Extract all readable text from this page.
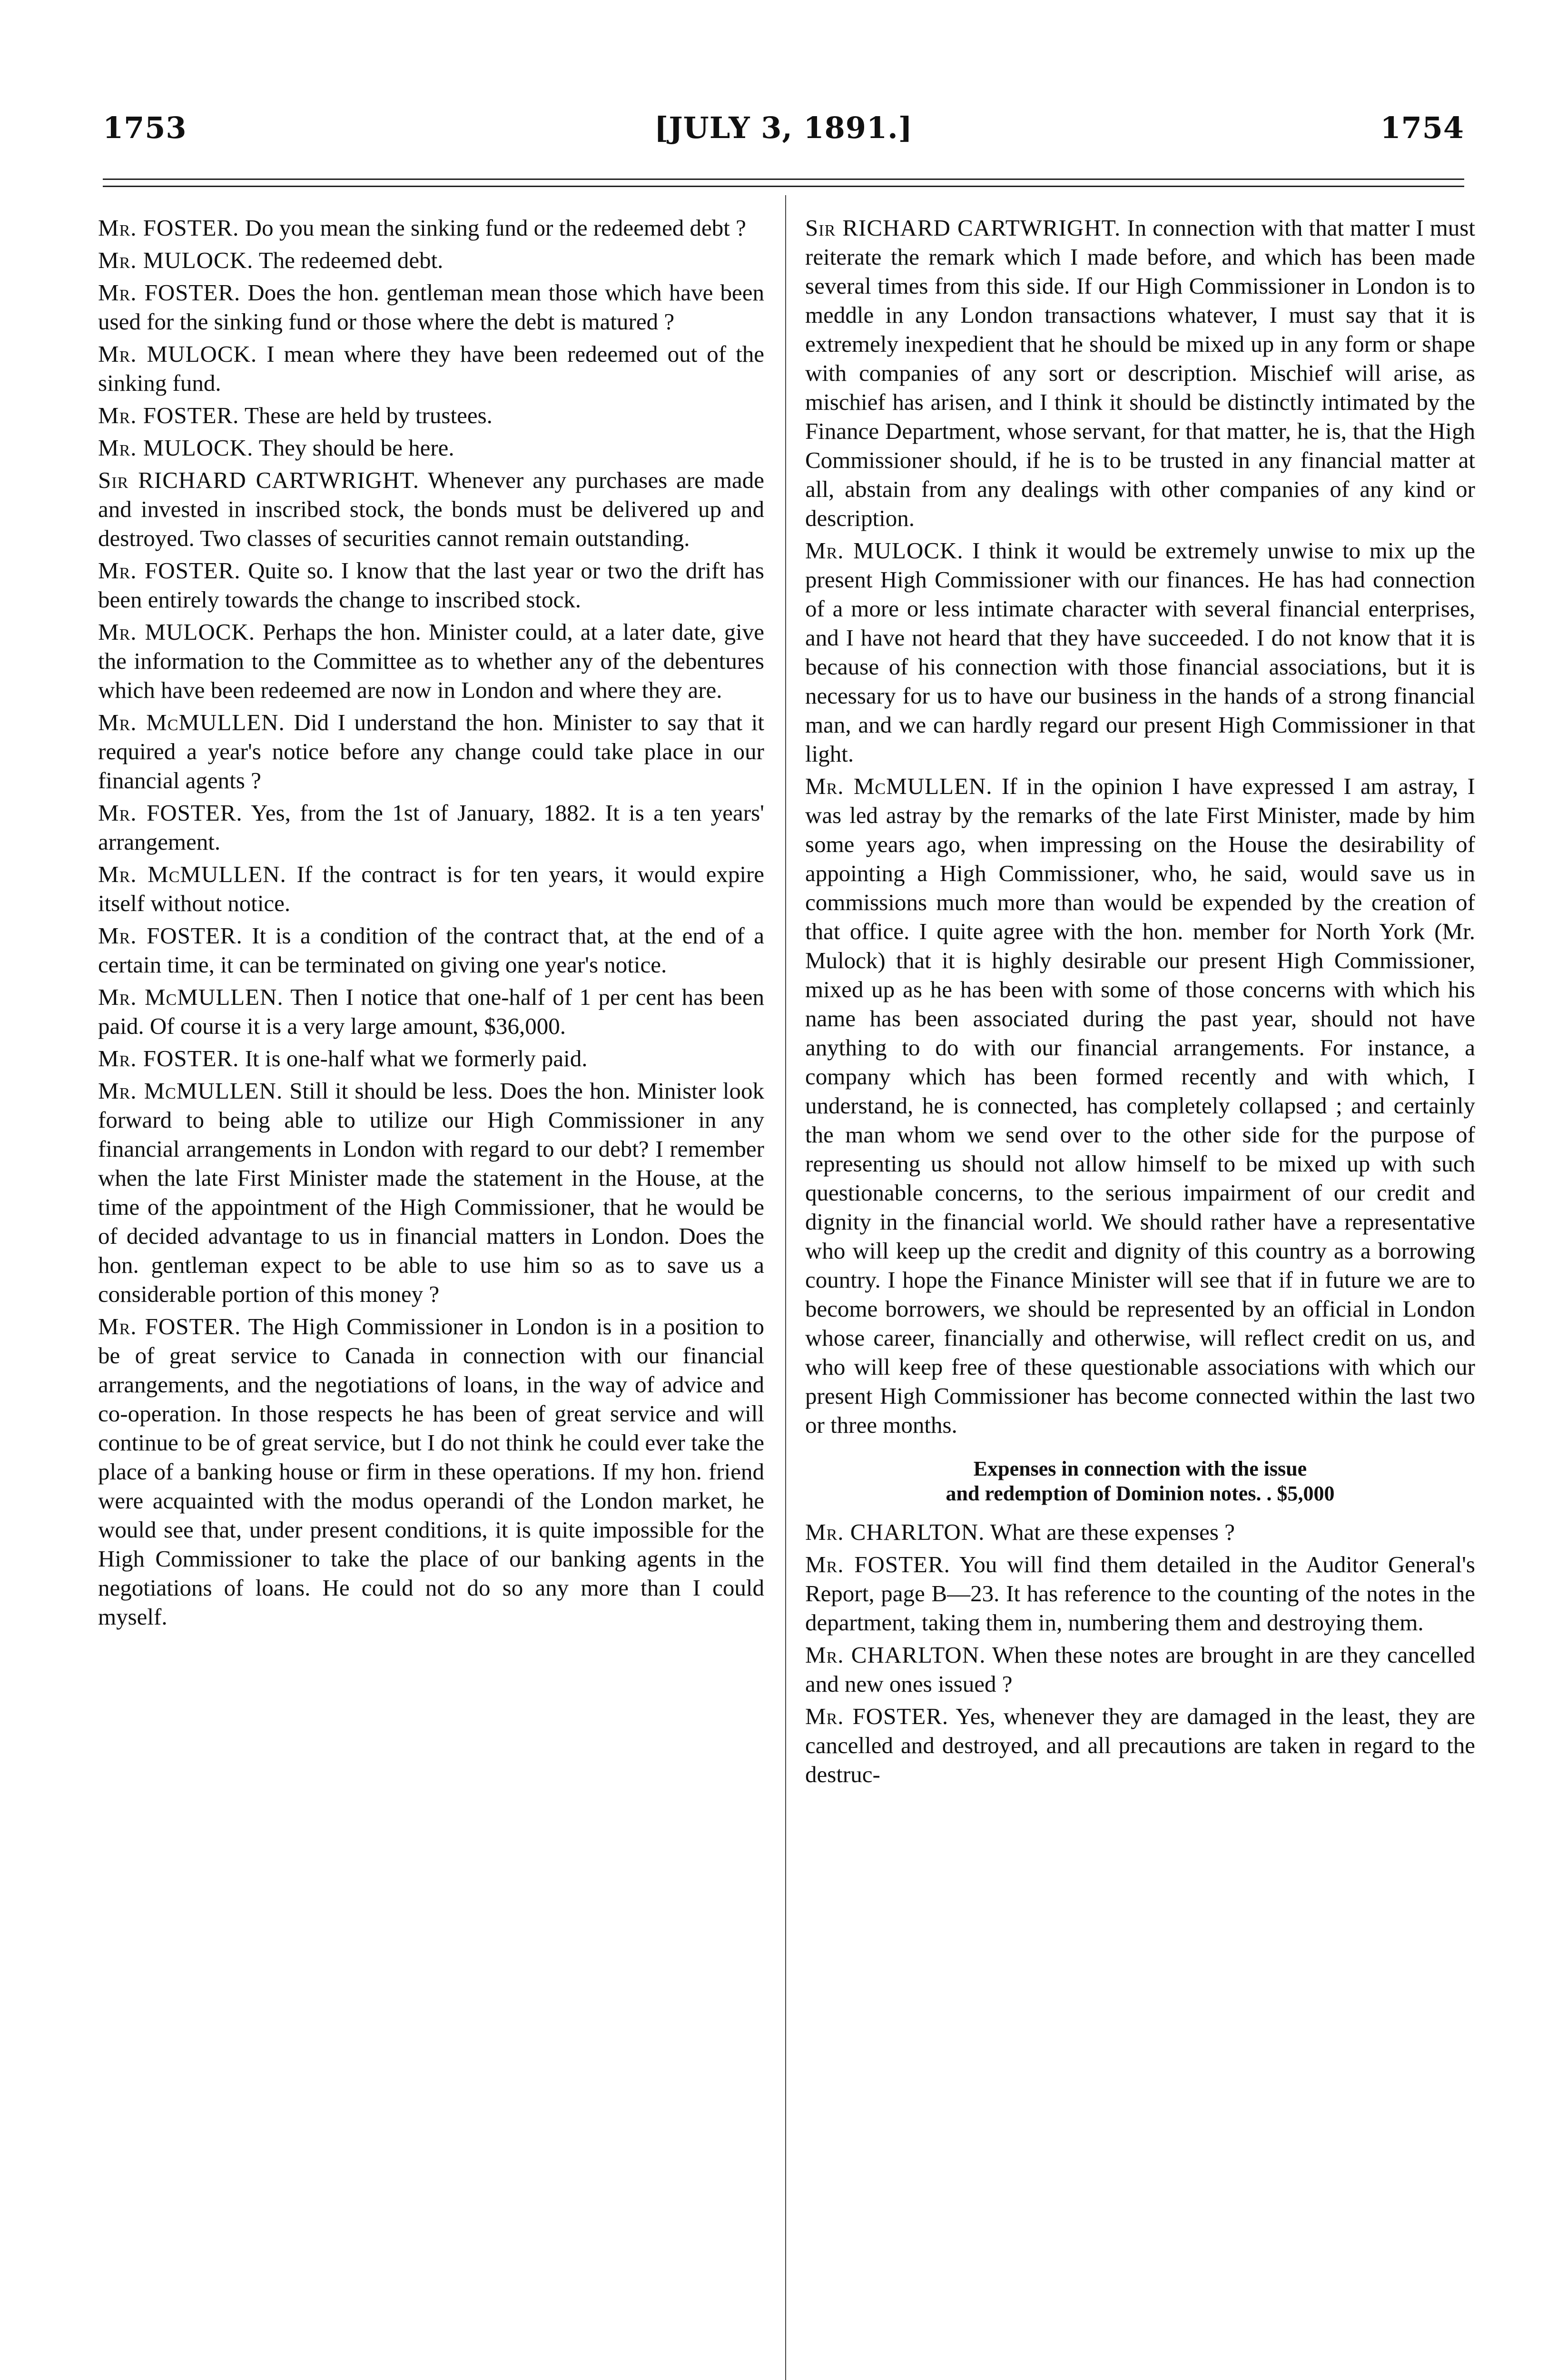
1753	[JULY 3, 1891.]	1754

Mr. FOSTER. Do you mean the sinking fund or the redeemed debt ?

Mr. MULOCK. The redeemed debt.

Mr. FOSTER. Does the hon. gentleman mean those which have been used for the sinking fund or those where the debt is matured ?

Mr. MULOCK. I mean where they have been redeemed out of the sinking fund.

Mr. FOSTER. These are held by trustees.

Mr. MULOCK. They should be here.

Sir RICHARD CARTWRIGHT. Whenever any purchases are made and invested in inscribed stock, the bonds must be delivered up and destroyed. Two classes of securities cannot remain outstanding.

Mr. FOSTER. Quite so. I know that the last year or two the drift has been entirely towards the change to inscribed stock.

Mr. MULOCK. Perhaps the hon. Minister could, at a later date, give the information to the Committee as to whether any of the debentures which have been redeemed are now in London and where they are.

Mr. McMULLEN. Did I understand the hon. Minister to say that it required a year's notice before any change could take place in our financial agents ?

Mr. FOSTER. Yes, from the 1st of January, 1882. It is a ten years' arrangement.

Mr. McMULLEN. If the contract is for ten years, it would expire itself without notice.

Mr. FOSTER. It is a condition of the contract that, at the end of a certain time, it can be terminated on giving one year's notice.

Mr. McMULLEN. Then I notice that one-half of 1 per cent has been paid. Of course it is a very large amount, $36,000.

Mr. FOSTER. It is one-half what we formerly paid.

Mr. McMULLEN. Still it should be less. Does the hon. Minister look forward to being able to utilize our High Commissioner in any financial arrangements in London with regard to our debt? I remember when the late First Minister made the statement in the House, at the time of the appointment of the High Commissioner, that he would be of decided advantage to us in financial matters in London. Does the hon. gentleman expect to be able to use him so as to save us a considerable portion of this money ?

Mr. FOSTER. The High Commissioner in London is in a position to be of great service to Canada in connection with our financial arrangements, and the negotiations of loans, in the way of advice and co-operation. In those respects he has been of great service and will continue to be of great service, but I do not think he could ever take the place of a banking house or firm in these operations. If my hon. friend were acquainted with the modus operandi of the London market, he would see that, under present conditions, it is quite impossible for the High Commissioner to take the place of our banking agents in the negotiations of loans. He could not do so any more than I could myself.

Sir RICHARD CARTWRIGHT. In connection with that matter I must reiterate the remark which I made before, and which has been made several times from this side. If our High Commissioner in London is to meddle in any London transactions whatever, I must say that it is extremely inexpedient that he should be mixed up in any form or shape with companies of any sort or description. Mischief will arise, as mischief has arisen, and I think it should be distinctly intimated by the Finance Department, whose servant, for that matter, he is, that the High Commissioner should, if he is to be trusted in any financial matter at all, abstain from any dealings with other companies of any kind or description.

Mr. MULOCK. I think it would be extremely unwise to mix up the present High Commissioner with our finances. He has had connection of a more or less intimate character with several financial enterprises, and I have not heard that they have succeeded. I do not know that it is because of his connection with those financial associations, but it is necessary for us to have our business in the hands of a strong financial man, and we can hardly regard our present High Commissioner in that light.

Mr. McMULLEN. If in the opinion I have expressed I am astray, I was led astray by the remarks of the late First Minister, made by him some years ago, when impressing on the House the desirability of appointing a High Commissioner, who, he said, would save us in commissions much more than would be expended by the creation of that office. I quite agree with the hon. member for North York (Mr. Mulock) that it is highly desirable our present High Commissioner, mixed up as he has been with some of those concerns with which his name has been associated during the past year, should not have anything to do with our financial arrangements. For instance, a company which has been formed recently and with which, I understand, he is connected, has completely collapsed ; and certainly the man whom we send over to the other side for the purpose of representing us should not allow himself to be mixed up with such questionable concerns, to the serious impairment of our credit and dignity in the financial world. We should rather have a representative who will keep up the credit and dignity of this country as a borrowing country. I hope the Finance Minister will see that if in future we are to become borrowers, we should be represented by an official in London whose career, financially and otherwise, will reflect credit on us, and who will keep free of these questionable associations with which our present High Commissioner has become connected within the last two or three months.

Expenses in connection with the issue
and redemption of Dominion notes. . $5,000

Mr. CHARLTON. What are these expenses ?

Mr. FOSTER. You will find them detailed in the Auditor General's Report, page B—23. It has reference to the counting of the notes in the department, taking them in, numbering them and destroying them.

Mr. CHARLTON. When these notes are brought in are they cancelled and new ones issued ?

Mr. FOSTER. Yes, whenever they are damaged in the least, they are cancelled and destroyed, and all precautions are taken in regard to the destruc-
